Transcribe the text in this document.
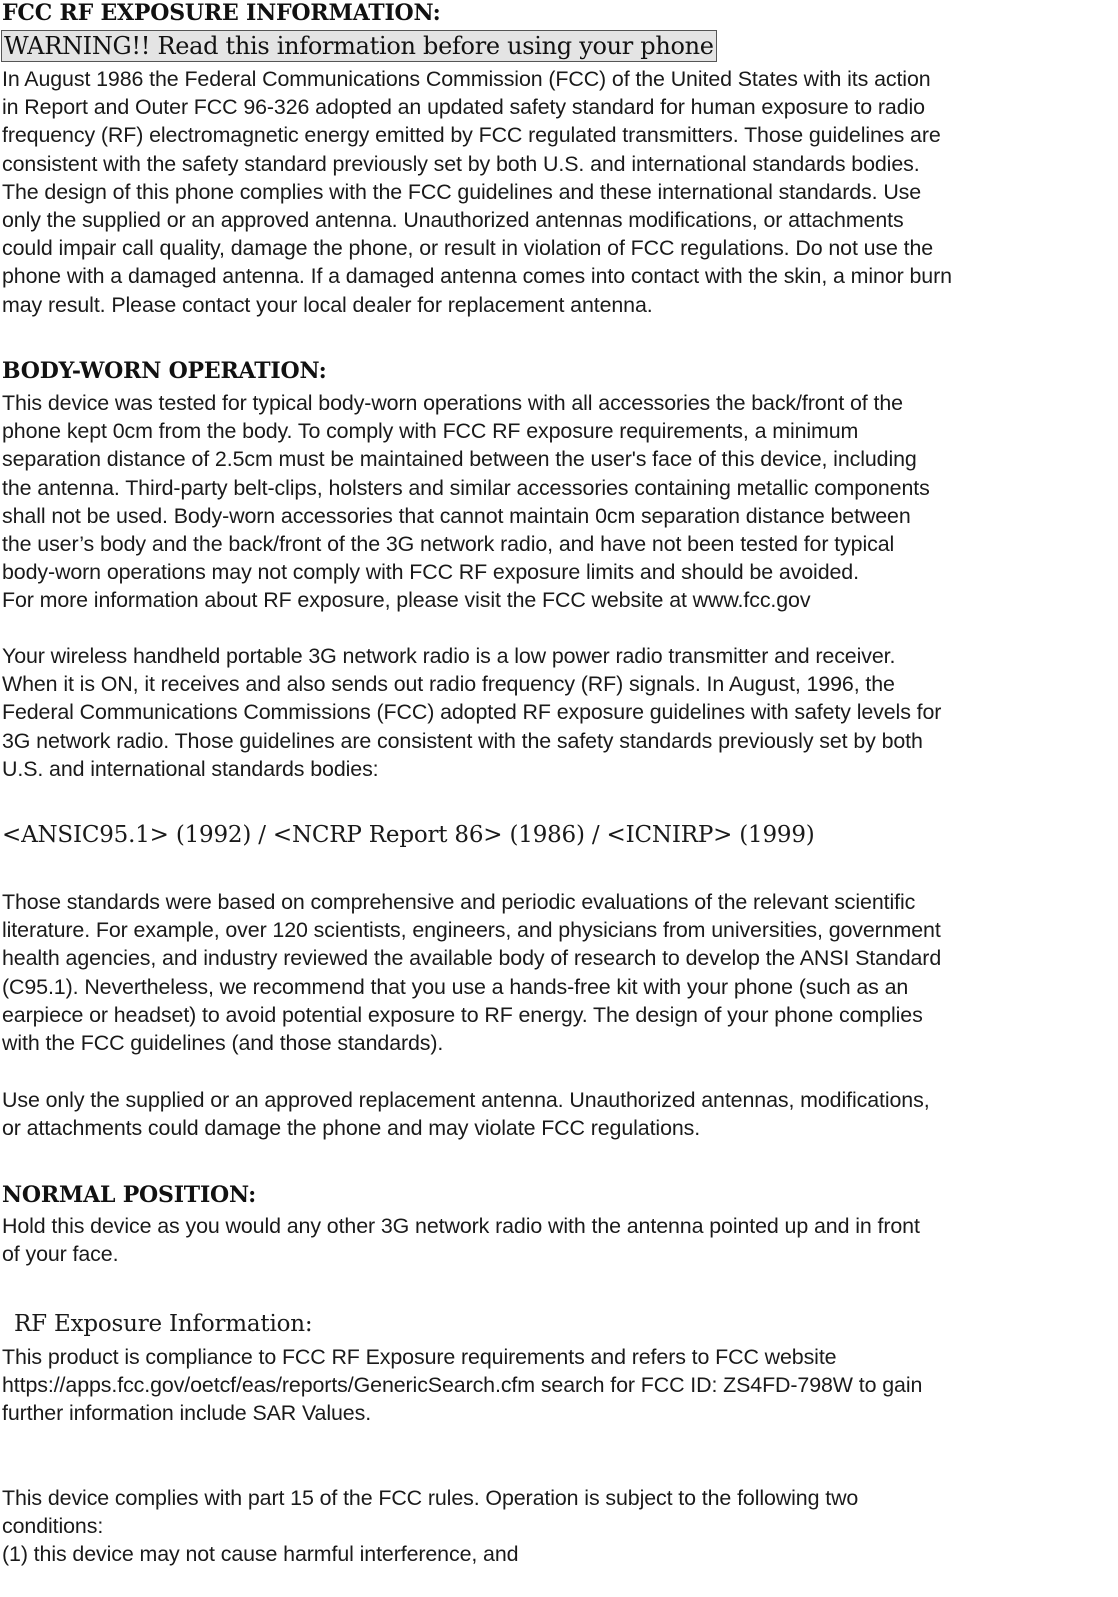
FCC RF EXPOSURE INFORMATION:
WARNING!! Read this information before using your phone
In August 1986 the Federal Communications Commission (FCC) of the United States with its action
in Report and Outer FCC 96-326 adopted an updated safety standard for human exposure to radio
frequency (RF) electromagnetic energy emitted by FCC regulated transmitters. Those guidelines are
consistent with the safety standard previously set by both U.S. and international standards bodies.
The design of this phone complies with the FCC guidelines and these international standards. Use
only the supplied or an approved antenna. Unauthorized antennas modifications, or attachments
could impair call quality, damage the phone, or result in violation of FCC regulations. Do not use the
phone with a damaged antenna. If a damaged antenna comes into contact with the skin, a minor burn
may result. Please contact your local dealer for replacement antenna.
BODY-WORN OPERATION:
This device was tested for typical body-worn operations with all accessories the back/front of the
phone kept 0cm from the body. To comply with FCC RF exposure requirements, a minimum
separation distance of 2.5cm must be maintained between the user's face of this device, including
the antenna. Third-party belt-clips, holsters and similar accessories containing metallic components
shall not be used. Body-worn accessories that cannot maintain 0cm separation distance between
the user’s body and the back/front of the 3G network radio, and have not been tested for typical
body-worn operations may not comply with FCC RF exposure limits and should be avoided.
For more information about RF exposure, please visit the FCC website at www.fcc.gov
Your wireless handheld portable 3G network radio is a low power radio transmitter and receiver.
When it is ON, it receives and also sends out radio frequency (RF) signals. In August, 1996, the
Federal Communications Commissions (FCC) adopted RF exposure guidelines with safety levels for
3G network radio. Those guidelines are consistent with the safety standards previously set by both
U.S. and international standards bodies:
<ANSIC95.1> (1992) / <NCRP Report 86> (1986) / <ICNIRP> (1999)
Those standards were based on comprehensive and periodic evaluations of the relevant scientific
literature. For example, over 120 scientists, engineers, and physicians from universities, government
health agencies, and industry reviewed the available body of research to develop the ANSI Standard
(C95.1). Nevertheless, we recommend that you use a hands-free kit with your phone (such as an
earpiece or headset) to avoid potential exposure to RF energy. The design of your phone complies
with the FCC guidelines (and those standards).
Use only the supplied or an approved replacement antenna. Unauthorized antennas, modifications,
or attachments could damage the phone and may violate FCC regulations.
NORMAL POSITION:
Hold this device as you would any other 3G network radio with the antenna pointed up and in front
of your face.
RF Exposure Information:
This product is compliance to FCC RF Exposure requirements and refers to FCC website
https://apps.fcc.gov/oetcf/eas/reports/GenericSearch.cfm search for FCC ID: ZS4FD-798W to gain
further information include SAR Values.
This device complies with part 15 of the FCC rules. Operation is subject to the following two
conditions:
(1) this device may not cause harmful interference, and
